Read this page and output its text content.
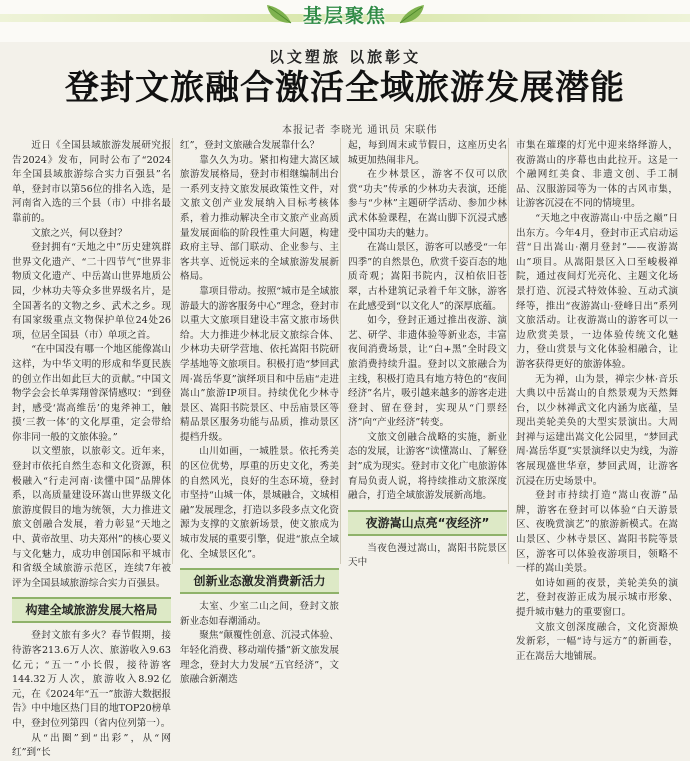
基层聚焦
以文塑旅 以旅彰文
登封文旅融合激活全域旅游发展潜能
本报记者 李晓光 通讯员 宋联伟

近日《全国县域旅游发展研究报告2024》发布，同时公布了“2024年全国县域旅游综合实力百强县”名单，登封市以第56位的排名入选，是河南省入选的三个县（市）中排名最靠前的。

文旅之兴，何以登封？

登封拥有“天地之中”历史建筑群世界文化遗产、“二十四节气”世界非物质文化遗产、中岳嵩山世界地质公园，少林功夫等众多世界级名片，是全国著名的文物之乡、武术之乡。现有国家级重点文物保护单位24处26项，位居全国县（市）单项之首。

“在中国没有哪一个地区能像嵩山这样，为中华文明的形成和华夏民族的创立作出如此巨大的贡献。”中国文物学会会长单霁翔曾深情感叹：“到登封，感受‘嵩高维岳’的鬼斧神工，触摸‘三教一体’的文化厚重，定会带给你非同一般的文旅体验。”

以文塑旅，以旅彰文。近年来，登封市依托自然生态和文化资源，积极融入“行走河南·读懂中国”品牌体系，以高质量建设环嵩山世界级文化旅游度假目的地为统领，大力推进文旅文创融合发展，着力彰显“天地之中、黄帝故里、功夫郑州”的核心要义与文化魅力，成功申创国际和平城市和省级全域旅游示范区，连续7年被评为全国县域旅游综合实力百强县。

构建全域旅游发展大格局

登封文旅有多火？春节假期，接待游客213.6万人次、旅游收入9.63亿元；“五一”小长假，接待游客144.32万人次，旅游收入8.92亿元，在《2024年“五一”旅游大数据报告》中中地区热门目的地TOP20榜单中，登封位列第四（省内位列第一）。

从“出圈”到“出彩”，从“网红”到“长

红”，登封文旅融合发展靠什么？

靠久久为功。紧扣构建大嵩区域旅游发展格局，登封市相继编制出台一系列支持文旅发展政策性文件，对文旅文创产业发展纳入目标考核体系，着力推动解决全市文旅产业高质量发展面临的阶段性重大问题，构建政府主导、部门联动、企业参与、主客共享、近悦远来的全域旅游发展新格局。

靠项目带动。按照“城市是全域旅游最大的游客服务中心”理念，登封市以重大文旅项目建设丰富文旅市场供给。大力推进少林北辰文旅综合体、少林功夫研学营地、依托嵩阳书院研学基地等文旅项目。积极打造“梦回武周·嵩岳华夏”演绎项目和中岳庙“走进嵩山”旅游IP项目。持续优化少林寺景区、嵩阳书院景区、中岳庙景区等精品景区服务功能与品质，推动景区提档升级。

山川如画，一城胜景。依托秀美的区位优势，厚重的历史文化，秀美的自然风光，良好的生态环境，登封市坚持“山城一体，景城融合，文城相融”发展理念，打造以多段多点文化资源为支撑的文旅新场景，使文旅成为城市发展的重要引擎，促进“旅点全域化、全城景区化”。

创新业态激发消费新活力

太室、少室二山之间，登封文旅新业态如春潮涌动。

聚焦“颠覆性创意、沉浸式体验、年轻化消费、移动端传播”新文旅发展理念，登封大力发展“五官经济”，文旅融合新潮迭

起，每到周末或节假日，这座历史名城更加热闹非凡。

在少林景区，游客不仅可以欣赏“功夫”传承的少林功夫表演，还能参与“少林”主题研学活动、参加少林武术体验课程，在嵩山脚下沉浸式感受中国功夫的魅力。

在嵩山景区，游客可以感受“一年四季”的自然景色，欣赏千姿百态的地质奇观；嵩阳书院内，汉柏依旧苍翠，古朴建筑记录着千年文脉，游客在此感受到“以文化人”的深厚底蕴。

如今，登封正通过推出夜游、演艺、研学、非遗体验等新业态，丰富夜间消费场景，让“白+黑”全时段文旅消费持续升温。登封以文旅融合为主线，积极打造具有地方特色的“夜间经济”名片，吸引越来越多的游客走进登封、留在登封，实现从“门票经济”向“产业经济”转变。

文旅文创融合战略的实施，新业态的发展，让游客“读懂嵩山、了解登封”成为现实。登封市文化广电旅游体育局负责人说，将持续推动文旅深度融合，打造全域旅游发展新高地。

夜游嵩山点亮“夜经济”

当夜色漫过嵩山，嵩阳书院景区天中

市集在璀璨的灯光中迎来络绎游人，夜游嵩山的序幕也由此拉开。这是一个融网红美食、非遗文创、手工制品、汉服游园等为一体的古风市集，让游客沉浸在不同的情境里。

“天地之中夜游嵩山·中岳之巅”日出东方。今年4月，登封市正式启动运营“日出嵩山·潮月登封”——夜游嵩山”项目。从嵩阳景区入口至峻极禅院，通过夜间灯光亮化、主题文化场景打造、沉浸式特效体验、互动式演绎等，推出“夜游嵩山·登峰日出”系列文旅活动。让夜游嵩山的游客可以一边欣赏美景，一边体验传统文化魅力，登山赏景与文化体验相融合，让游客获得更好的旅游体验。

无为禅，山为景，禅宗少林·音乐大典以中岳嵩山的自然景观为天然舞台，以少林禅武文化内涵为底蕴，呈现出美轮美奂的大型实景演出。大周封禅与运建出嵩文化公园里，“梦回武周·嵩岳华夏”实景演绎以史为线，为游客展现盛世华章，梦回武周，让游客沉浸在历史场景中。

登封市持续打造“嵩山夜游”品牌，游客在登封可以体验“白天游景区、夜晚赏演艺”的旅游新模式。在嵩山景区、少林寺景区、嵩阳书院等景区，游客可以体验夜游项目，领略不一样的嵩山美景。

如诗如画的夜景，美轮美奂的演艺，登封夜游正成为展示城市形象、提升城市魅力的重要窗口。

文旅文创深度融合，文化资源焕发新彩，一幅“诗与远方”的新画卷，正在嵩岳大地铺展。
